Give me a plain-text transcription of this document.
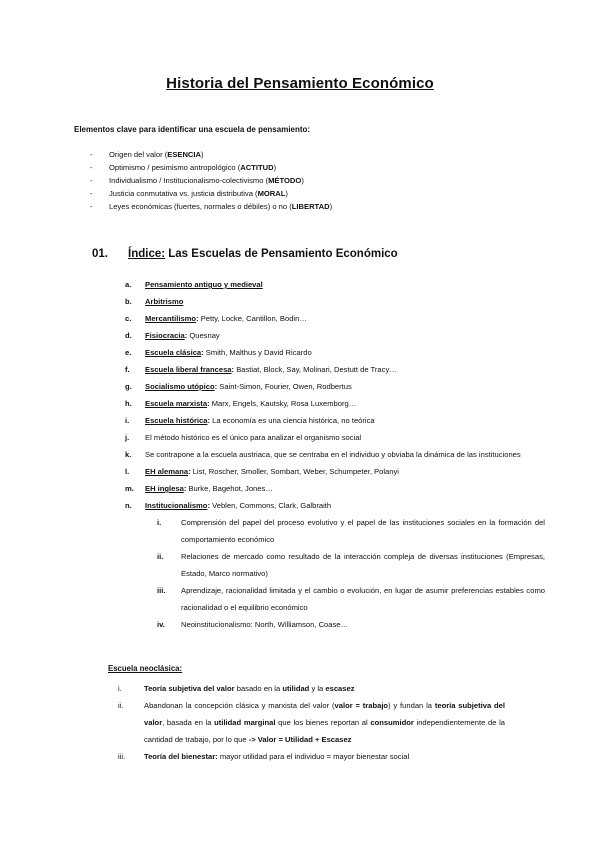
Historia del Pensamiento Económico
Elementos clave para identificar una escuela de pensamiento:
- Origen del valor (ESENCIA)
- Optimismo / pesimismo antropológico (ACTITUD)
- Individualismo / Institucionalismo-colectivismo (MÉTODO)
- Justicia conmutativa vs. justicia distributiva (MORAL)
- Leyes económicas (fuertes, normales o débiles) o no (LIBERTAD)
01. Índice: Las Escuelas de Pensamiento Económico
a. Pensamiento antiguo y medieval
b. Arbitrismo
c. Mercantilismo: Petty, Locke, Cantillon, Bodin…
d. Fisiocracia: Quesnay
e. Escuela clásica: Smith, Malthus y David Ricardo
f. Escuela liberal francesa: Bastiat, Block, Say, Molinari, Destutt de Tracy…
g. Socialismo utópico: Saint-Simon, Fourier, Owen, Rodbertus
h. Escuela marxista: Marx, Engels, Kautsky, Rosa Luxemborg…
i. Escuela histórica: La economía es una ciencia histórica, no teórica
j. El método histórico es el único para analizar el organismo social
k. Se contrapone a la escuela austriaca, que se centraba en el individuo y obviaba la dinámica de las instituciones
l. EH alemana: List, Roscher, Smoller, Sombart, Weber, Schumpeter, Polanyi
m. EH inglesa: Burke, Bagehot, Jones…
n. Institucionalismo: Veblen, Commons, Clark, Galbraith
i.	Comprensión del papel del proceso evolutivo y el papel de las instituciones sociales en la formación del comportamiento económico
ii. Relaciones de mercado como resultado de la interacción compleja de diversas instituciones (Empresas, Estado, Marco normativo)
iii. Aprendizaje, racionalidad limitada y el cambio o evolución, en lugar de asumir preferencias estables como racionalidad o el equilibrio económico
iv. Neoinstitucionalismo: North, Williamson, Coase…
Escuela neoclásica:
i.	Teoría subjetiva del valor basado en la utilidad y la escasez
ii.	Abandonan la concepción clásica y marxista del valor (valor = trabajo) y fundan la teoría subjetiva del valor, basada en la utilidad marginal que los bienes reportan al consumidor independientemente de la cantidad de trabajo, por lo que -> Valor = Utilidad + Escasez
iii. Teoría del bienestar: mayor utilidad para el individuo = mayor bienestar social
